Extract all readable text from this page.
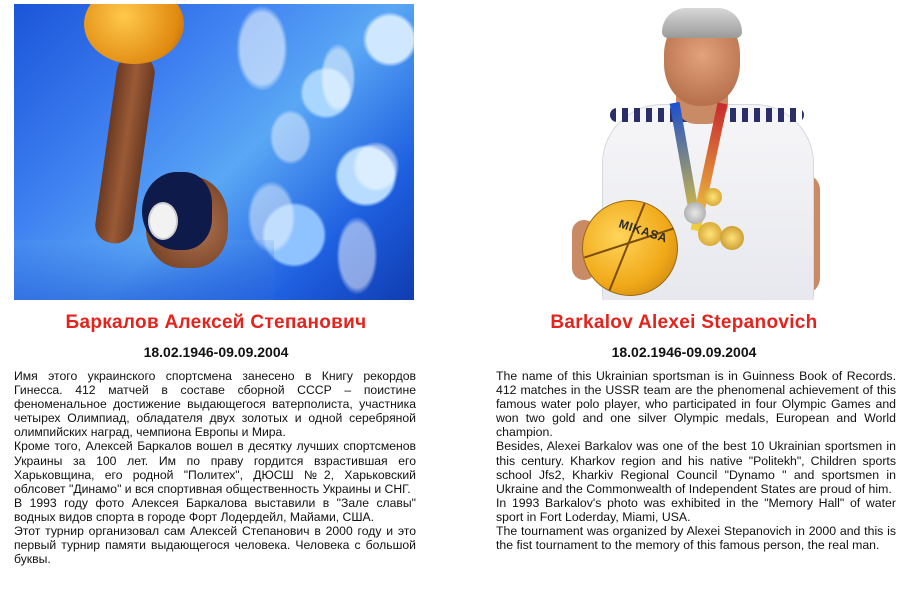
Баркалов Алексей Степанович
18.02.1946-09.09.2004

Имя этого украинского спортсмена занесено в Книгу рекордов Гинесса. 412 матчей в составе сборной СССР – поистине феноменальное достижение выдающегося ватерполиста, участника четырех Олимпиад, обладателя двух золотых и одной серебряной олимпийских наград, чемпиона Европы и Мира.

Кроме того, Алексей Баркалов вошел в десятку лучших спортсменов Украины за 100 лет. Им по праву гордится взрастившая его Харьковщина, его родной "Политех", ДЮСШ №2, Харьковский облсовет "Динамо" и вся спортивная общественность Украины и СНГ.

В 1993 году фото Алексея Баркалова выставили в "Зале славы" водных видов спорта в городе Форт Лодердейл, Майами, США.

Этот турнир организовал сам Алексей Степанович в 2000 году и это первый турнир памяти выдающегося человека. Человека с большой буквы.

MIKASA
Barkalov Alexei Stepanovich
18.02.1946-09.09.2004

The name of this Ukrainian sportsman is in Guinness Book of Records. 412 matches in the USSR team are the phenomenal achievement of this famous water polo player, who participated in four Olympic Games and won two gold and one silver Olympic medals, European and World champion.

Besides, Alexei Barkalov was one of the best 10 Ukrainian sportsmen in this century. Kharkov region and his native "Politekh", Children sports school Jfs2, Kharkiv Regional Council "Dynamo " and sportsmen in Ukraine and the Commonwealth of Independent States are proud of him.

In 1993 Barkalov's photo was exhibited in the "Memory Hall" of water sport in Fort Loderday, Miami, USA.

The tournament was organized by Alexei Stepanovich in 2000 and this is the fist tournament to the memory of this famous person, the real man.
